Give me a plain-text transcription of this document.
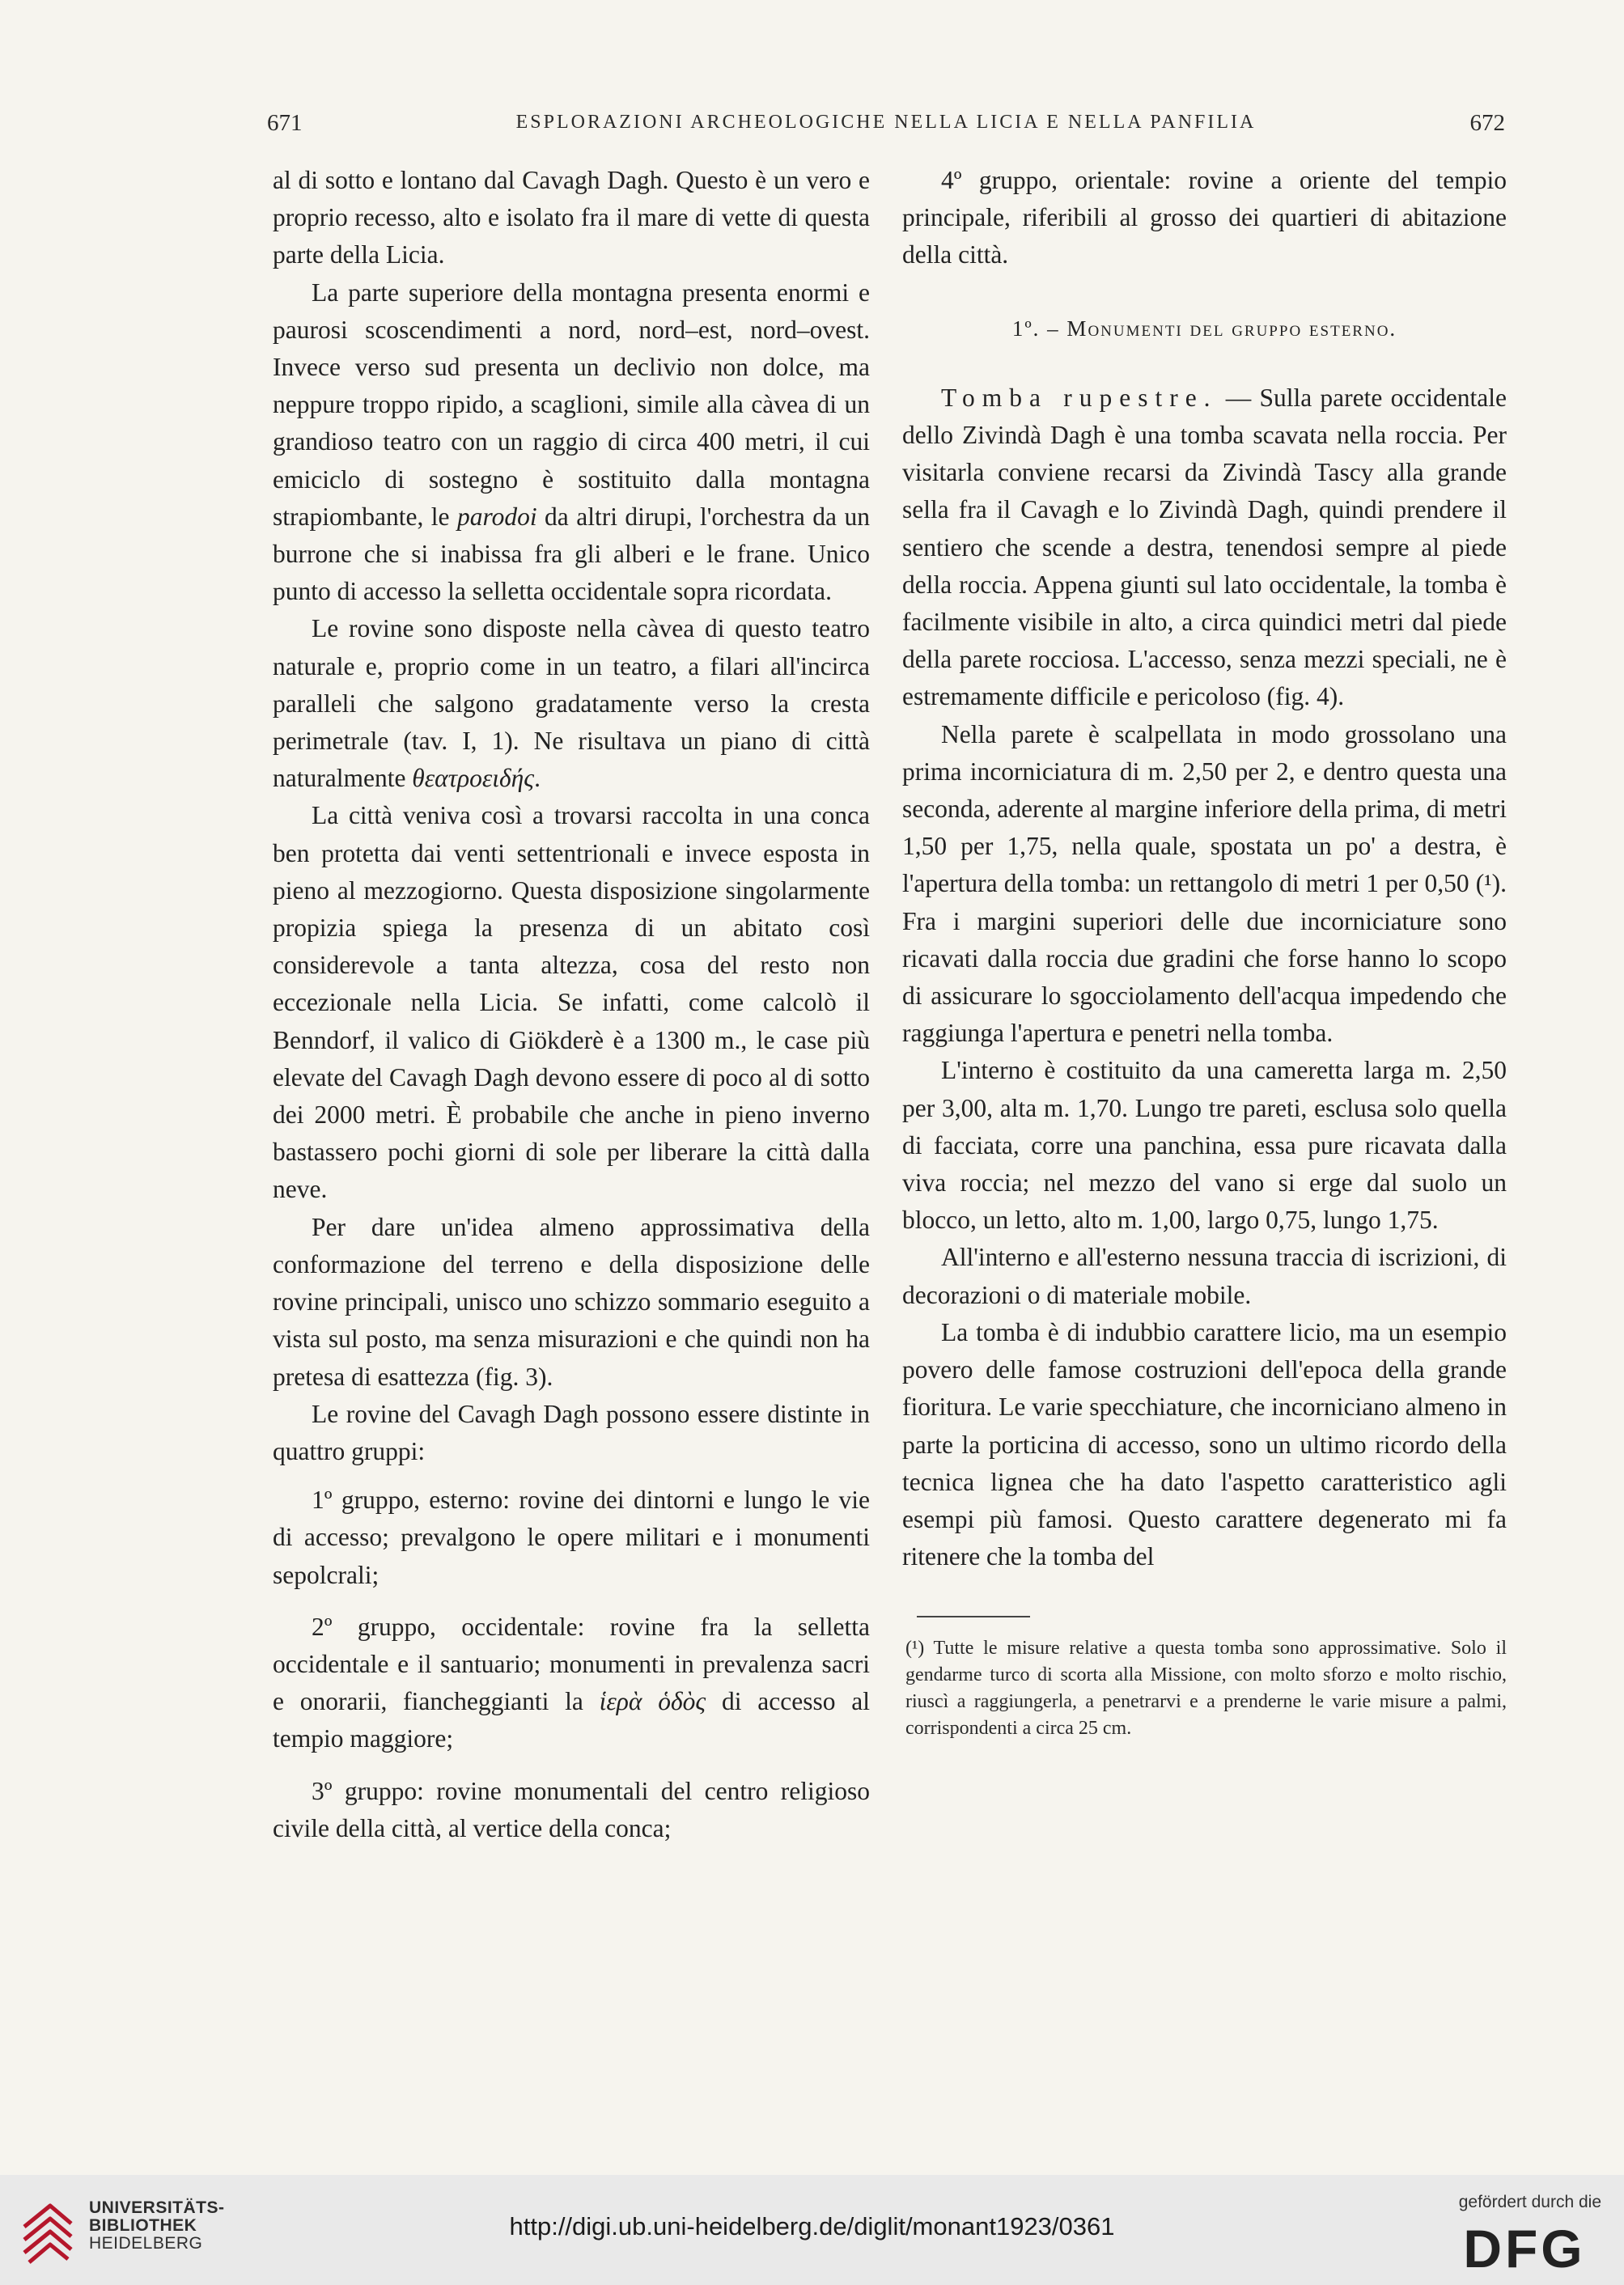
671	ESPLORAZIONI ARCHEOLOGICHE NELLA LICIA E NELLA PANFILIA	672

al di sotto e lontano dal Cavagh Dagh. Questo è un vero e proprio recesso, alto e isolato fra il mare di vette di questa parte della Licia.

La parte superiore della montagna presenta enormi e paurosi scoscendimenti a nord, nord–est, nord–ovest. Invece verso sud presenta un declivio non dolce, ma neppure troppo ripido, a scaglioni, simile alla càvea di un grandioso teatro con un raggio di circa 400 metri, il cui emiciclo di sostegno è sostituito dalla montagna strapiombante, le parodoi da altri dirupi, l'orchestra da un burrone che si inabissa fra gli alberi e le frane. Unico punto di accesso la selletta occidentale sopra ricordata.

Le rovine sono disposte nella càvea di questo teatro naturale e, proprio come in un teatro, a filari all'incirca paralleli che salgono gradatamente verso la cresta perimetrale (tav. I, 1). Ne risultava un piano di città naturalmente θεατροειδής.

La città veniva così a trovarsi raccolta in una conca ben protetta dai venti settentrionali e invece esposta in pieno al mezzogiorno. Questa disposizione singolarmente propizia spiega la presenza di un abitato così considerevole a tanta altezza, cosa del resto non eccezionale nella Licia. Se infatti, come calcolò il Benndorf, il valico di Giökderè è a 1300 m., le case più elevate del Cavagh Dagh devono essere di poco al di sotto dei 2000 metri. È probabile che anche in pieno inverno bastassero pochi giorni di sole per liberare la città dalla neve.

Per dare un'idea almeno approssimativa della conformazione del terreno e della disposizione delle rovine principali, unisco uno schizzo sommario eseguito a vista sul posto, ma senza misurazioni e che quindi non ha pretesa di esattezza (fig. 3).

Le rovine del Cavagh Dagh possono essere distinte in quattro gruppi:

1º gruppo, esterno: rovine dei dintorni e lungo le vie di accesso; prevalgono le opere militari e i monumenti sepolcrali;

2º gruppo, occidentale: rovine fra la selletta occidentale e il santuario; monumenti in prevalenza sacri e onorarii, fiancheggianti la ἱερὰ ὁδὸς di accesso al tempio maggiore;

3º gruppo: rovine monumentali del centro religioso civile della città, al vertice della conca;

4º gruppo, orientale: rovine a oriente del tempio principale, riferibili al grosso dei quartieri di abitazione della città.

1º. – Monumenti del gruppo esterno.

Tomba rupestre. — Sulla parete occidentale dello Zivindà Dagh è una tomba scavata nella roccia. Per visitarla conviene recarsi da Zivindà Tascy alla grande sella fra il Cavagh e lo Zivindà Dagh, quindi prendere il sentiero che scende a destra, tenendosi sempre al piede della roccia. Appena giunti sul lato occidentale, la tomba è facilmente visibile in alto, a circa quindici metri dal piede della parete rocciosa. L'accesso, senza mezzi speciali, ne è estremamente difficile e pericoloso (fig. 4).

Nella parete è scalpellata in modo grossolano una prima incorniciatura di m. 2,50 per 2, e dentro questa una seconda, aderente al margine inferiore della prima, di metri 1,50 per 1,75, nella quale, spostata un po' a destra, è l'apertura della tomba: un rettangolo di metri 1 per 0,50 (¹). Fra i margini superiori delle due incorniciature sono ricavati dalla roccia due gradini che forse hanno lo scopo di assicurare lo sgocciolamento dell'acqua impedendo che raggiunga l'apertura e penetri nella tomba.

L'interno è costituito da una cameretta larga m. 2,50 per 3,00, alta m. 1,70. Lungo tre pareti, esclusa solo quella di facciata, corre una panchina, essa pure ricavata dalla viva roccia; nel mezzo del vano si erge dal suolo un blocco, un letto, alto m. 1,00, largo 0,75, lungo 1,75.

All'interno e all'esterno nessuna traccia di iscrizioni, di decorazioni o di materiale mobile.

La tomba è di indubbio carattere licio, ma un esempio povero delle famose costruzioni dell'epoca della grande fioritura. Le varie specchiature, che incorniciano almeno in parte la porticina di accesso, sono un ultimo ricordo della tecnica lignea che ha dato l'aspetto caratteristico agli esempi più famosi. Questo carattere degenerato mi fa ritenere che la tomba del

(¹) Tutte le misure relative a questa tomba sono approssimative. Solo il gendarme turco di scorta alla Missione, con molto sforzo e molto rischio, riuscì a raggiungerla, a penetrarvi e a prenderne le varie misure a palmi, corrispondenti a circa 25 cm.

UNIVERSITÄTS-
BIBLIOTHEK
HEIDELBERG
http://digi.ub.uni-heidelberg.de/diglit/monant1923/0361
gefördert durch die
DFG
